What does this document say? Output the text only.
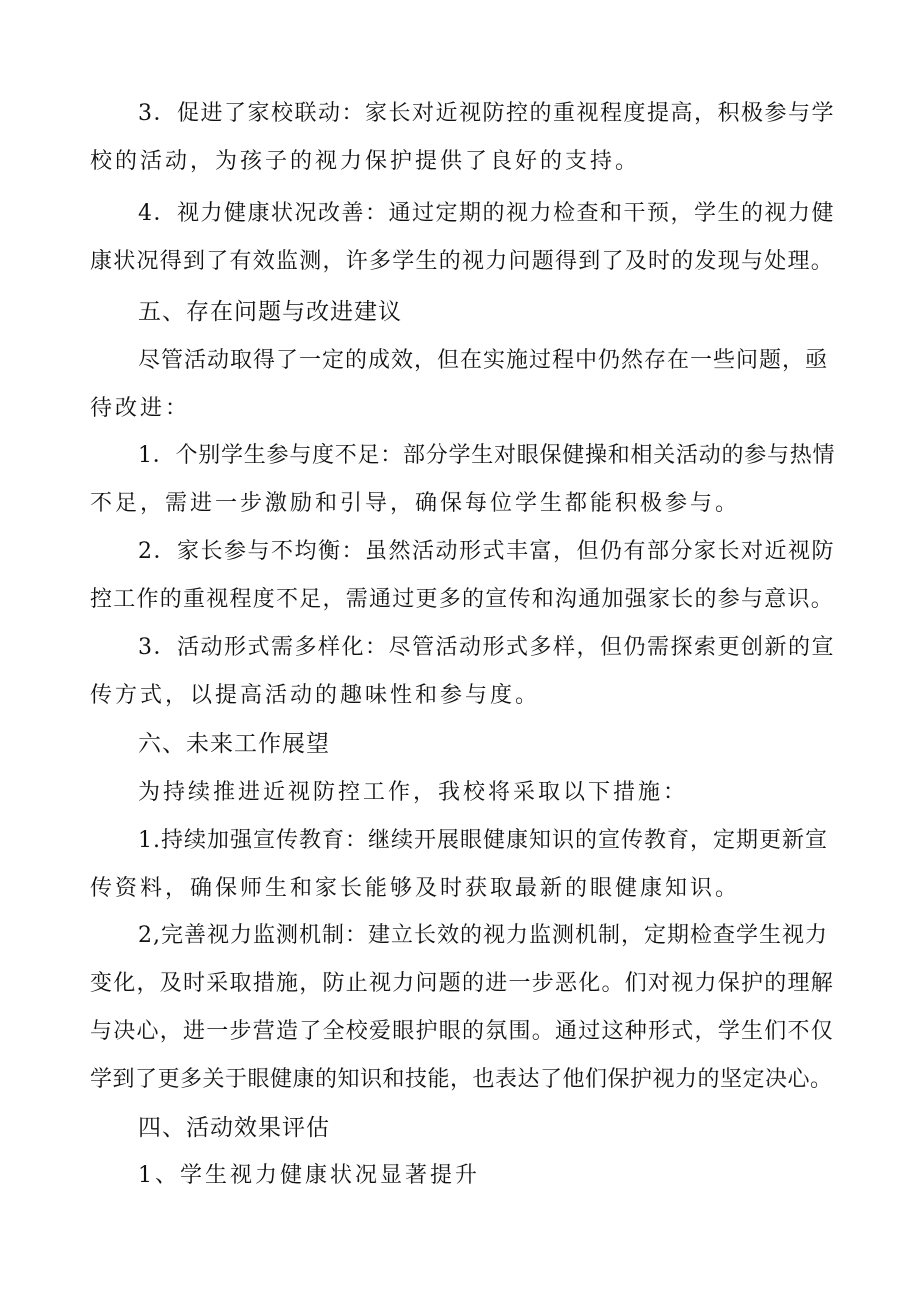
3．促进了家校联动：家长对近视防控的重视程度提高，积极参与学
校的活动，为孩子的视力保护提供了良好的支持。
4．视力健康状况改善：通过定期的视力检查和干预，学生的视力健
康状况得到了有效监测，许多学生的视力问题得到了及时的发现与处理。
五、存在问题与改进建议
尽管活动取得了一定的成效，但在实施过程中仍然存在一些问题，亟
待改进：
1．个别学生参与度不足：部分学生对眼保健操和相关活动的参与热情
不足，需进一步激励和引导，确保每位学生都能积极参与。
2．家长参与不均衡：虽然活动形式丰富，但仍有部分家长对近视防
控工作的重视程度不足，需通过更多的宣传和沟通加强家长的参与意识。
3．活动形式需多样化：尽管活动形式多样，但仍需探索更创新的宣
传方式，以提高活动的趣味性和参与度。
六、未来工作展望
为持续推进近视防控工作，我校将采取以下措施：
1.持续加强宣传教育：继续开展眼健康知识的宣传教育，定期更新宣
传资料，确保师生和家长能够及时获取最新的眼健康知识。
2,完善视力监测机制：建立长效的视力监测机制，定期检查学生视力
变化，及时采取措施，防止视力问题的进一步恶化。们对视力保护的理解
与决心，进一步营造了全校爱眼护眼的氛围。通过这种形式，学生们不仅
学到了更多关于眼健康的知识和技能，也表达了他们保护视力的坚定决心。
四、活动效果评估
1、学生视力健康状况显著提升
